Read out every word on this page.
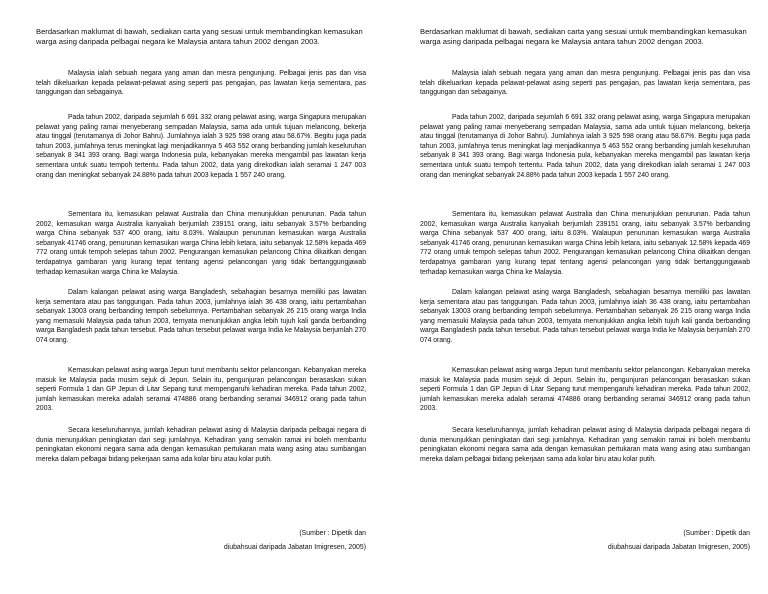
Berdasarkan maklumat di bawah, sediakan carta yang sesuai untuk membandingkan kemasukan warga asing daripada pelbagai negara ke Malaysia antara tahun 2002 dengan 2003.
Malaysia ialah sebuah negara yang aman dan mesra pengunjung. Pelbagai jenis pas dan visa telah dikeluarkan kepada pelawat-pelawat asing seperti pas pengajian, pas lawatan kerja sementara, pas tanggungan dan sebagainya.
Pada tahun 2002, daripada sejumlah 6 691 332 orang pelawat asing, warga Singapura merupakan pelawat yang paling ramai menyeberang sempadan Malaysia, sama ada untuk tujuan melancong, bekerja atau tinggal (terutamanya di Johor Bahru). Jumlahnya ialah 3 925 598 orang atau 58.67%. Begitu juga pada tahun 2003, jumlahnya terus meningkat lagi menjadikannya 5 463 552 orang berbanding jumlah keseluruhan sebanyak 8 341 393 orang. Bagi warga Indonesia pula, kebanyakan mereka mengambil pas lawatan kerja sementara untuk suatu tempoh tertentu. Pada tahun 2002, data yang direkodkan ialah seramai 1 247 003 orang dan meningkat sebanyak 24.88% pada tahun 2003 kepada 1 557 240 orang.
Sementara itu, kemasukan pelawat Australia dan China menunjukkan penurunan. Pada tahun 2002, kemasukan warga Australia kanyakah berjumlah 239151 orang, iaitu sebanyak 3.57% berbanding warga China sebanyak 537 400 orang, iaitu 8.03%. Walaupun penurunan kemasukan warga Australia sebanyak 41746 orang, penurunan kemasukan warga China lebih ketara, iaitu sebanyak 12.58% kepada 469 772 orang untuk tempoh selepas tahun 2002. Pengurangan kemasukan pelancong China dikaitkan dengan terdapatnya gambaran yang kurang tepat tentang agensi pelancongan yang tidak bertanggungjawab terhadap kemasukan warga China ke Malaysia.
Dalam kalangan pelawat asing warga Bangladesh, sebahagian besarnya memiliki pas lawatan kerja sementara atau pas tanggungan. Pada tahun 2003, jumlahnya ialah 36 438 orang, iaitu pertambahan sebanyak 13003 orang berbanding tempoh sebelumnya. Pertambahan sebanyak 26 215 orang warga India yang memasuki Malaysia pada tahun 2003, ternyata menunjukkan angka lebih tujuh kali ganda berbanding warga Bangladesh pada tahun tersebut. Pada tahun tersebut pelawat warga India ke Malaysia berjumlah 270 074 orang.
Kemasukan pelawat asing warga Jepun turut membantu sektor pelancongan. Kebanyakan mereka masuk ke Malaysia pada musim sejuk di Jepun. Selain itu, pengunjuran pelancongan berasaskan sukan seperti Formula 1 dan GP Jepun di Litar Sepang turut mempengaruhi kehadiran mereka. Pada tahun 2002, jumlah kemasukan mereka adalah seramai 474886 orang berbanding seramai 346912 orang pada tahun 2003.
Secara keseluruhannya, jumlah kehadiran pelawat asing di Malaysia daripada pelbagai negara di dunia menunjukkan peningkatan dari segi jumlahnya. Kehadiran yang semakin ramai ini boleh membantu peningkatan ekonomi negara sama ada dengan kemasukan pertukaran mata wang asing atau sumbangan mereka dalam pelbagai bidang pekerjaan sama ada kolar biru atau kolar putih.
(Sumber : Dipetik dan
diubahsuai daripada Jabatan Imigresen, 2005)
Berdasarkan maklumat di bawah, sediakan carta yang sesuai untuk membandingkan kemasukan warga asing daripada pelbagai negara ke Malaysia antara tahun 2002 dengan 2003.
Malaysia ialah sebuah negara yang aman dan mesra pengunjung. Pelbagai jenis pas dan visa telah dikeluarkan kepada pelawat-pelawat asing seperti pas pengajian, pas lawatan kerja sementara, pas tanggungan dan sebagainya.
Pada tahun 2002, daripada sejumlah 6 691 332 orang pelawat asing, warga Singapura merupakan pelawat yang paling ramai menyeberang sempadan Malaysia, sama ada untuk tujuan melancong, bekerja atau tinggal (terutamanya di Johor Bahru). Jumlahnya ialah 3 925 598 orang atau 58.67%. Begitu juga pada tahun 2003, jumlahnya terus meningkat lagi menjadikannya 5 463 552 orang berbanding jumlah keseluruhan sebanyak 8 341 393 orang. Bagi warga Indonesia pula, kebanyakan mereka mengambil pas lawatan kerja sementara untuk suatu tempoh tertentu. Pada tahun 2002, data yang direkodkan ialah seramai 1 247 003 orang dan meningkat sebanyak 24.88% pada tahun 2003 kepada 1 557 240 orang.
Sementara itu, kemasukan pelawat Australia dan China menunjukkan penurunan. Pada tahun 2002, kemasukan warga Australia kanyakah berjumlah 239151 orang, iaitu sebanyak 3.57% berbanding warga China sebanyak 537 400 orang, iaitu 8.03%. Walaupun penurunan kemasukan warga Australia sebanyak 41746 orang, penurunan kemasukan warga China lebih ketara, iaitu sebanyak 12.58% kepada 469 772 orang untuk tempoh selepas tahun 2002. Pengurangan kemasukan pelancong China dikaitkan dengan terdapatnya gambaran yang kurang tepat tentang agensi pelancongan yang tidak bertanggungjawab terhadap kemasukan warga China ke Malaysia.
Dalam kalangan pelawat asing warga Bangladesh, sebahagian besarnya memiliki pas lawatan kerja sementara atau pas tanggungan. Pada tahun 2003, jumlahnya ialah 36 438 orang, iaitu pertambahan sebanyak 13003 orang berbanding tempoh sebelumnya. Pertambahan sebanyak 26 215 orang warga India yang memasuki Malaysia pada tahun 2003, ternyata menunjukkan angka lebih tujuh kali ganda berbanding warga Bangladesh pada tahun tersebut. Pada tahun tersebut pelawat warga India ke Malaysia berjumlah 270 074 orang.
Kemasukan pelawat asing warga Jepun turut membantu sektor pelancongan. Kebanyakan mereka masuk ke Malaysia pada musim sejuk di Jepun. Selain itu, pengunjuran pelancongan berasaskan sukan seperti Formula 1 dan GP Jepun di Litar Sepang turut mempengaruhi kehadiran mereka. Pada tahun 2002, jumlah kemasukan mereka adalah seramai 474886 orang berbanding seramai 346912 orang pada tahun 2003.
Secara keseluruhannya, jumlah kehadiran pelawat asing di Malaysia daripada pelbagai negara di dunia menunjukkan peningkatan dari segi jumlahnya. Kehadiran yang semakin ramai ini boleh membantu peningkatan ekonomi negara sama ada dengan kemasukan pertukaran mata wang asing atau sumbangan mereka dalam pelbagai bidang pekerjaan sama ada kolar biru atau kolar putih.
(Sumber : Dipetik dan
diubahsuai daripada Jabatan Imigresen, 2005)
